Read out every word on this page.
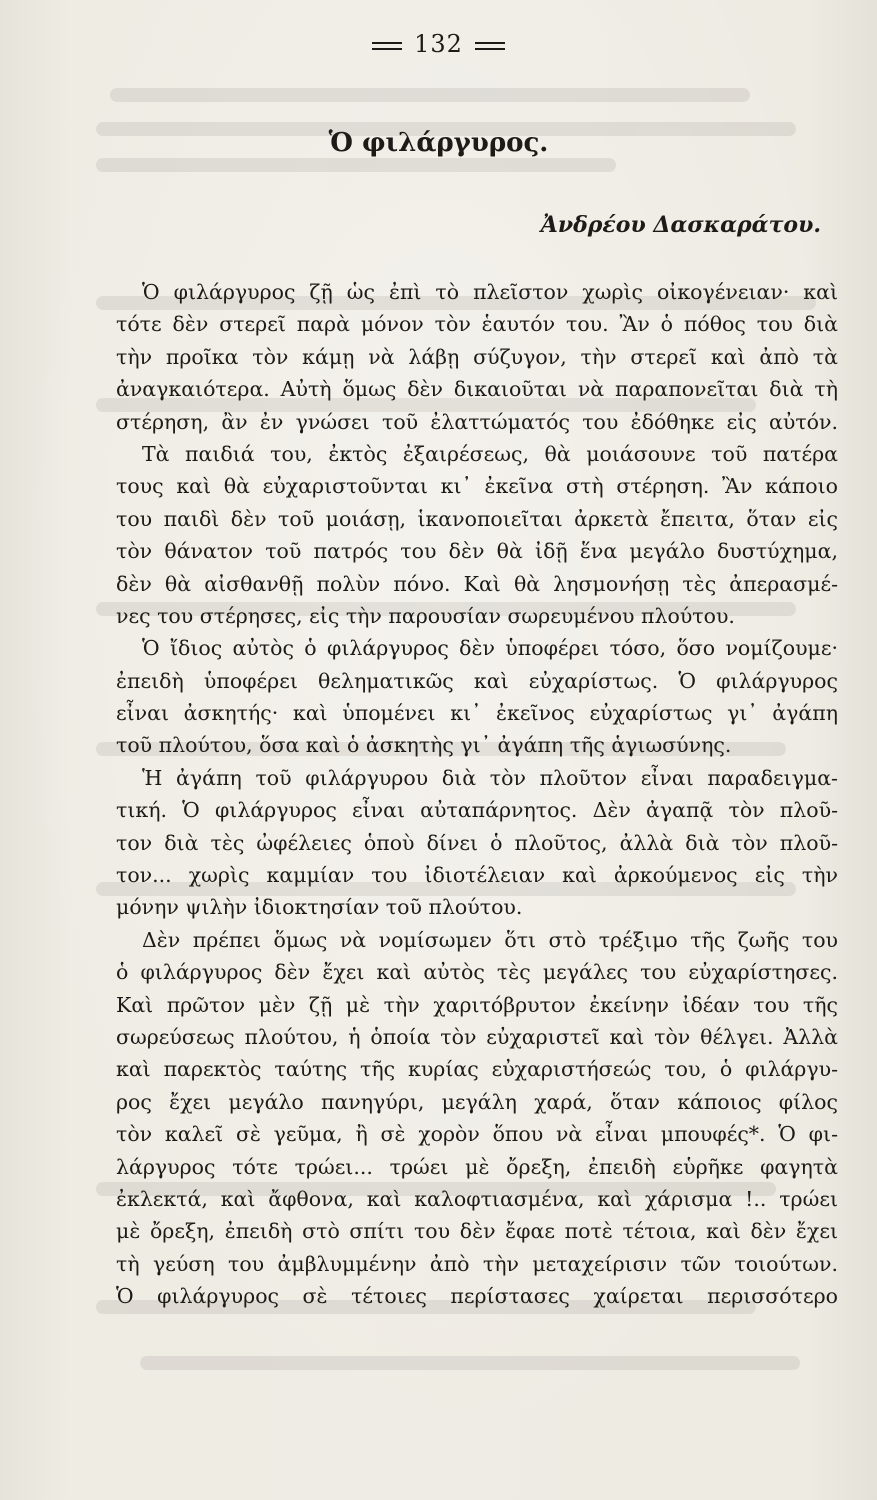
132
Ὁ φιλάργυρος.
Ἀνδρέου Δασκαράτου.
Ὁ φιλάργυρος ζῇ ὡς ἐπὶ τὸ πλεῖστον χωρὶς οἰκογένειαν· καὶ
τότε δὲν στερεῖ παρὰ μόνον τὸν ἑαυτόν του. Ἂν ὁ πόθος του διὰ
τὴν προῖκα τὸν κάμῃ νὰ λάβῃ σύζυγον, τὴν στερεῖ καὶ ἀπὸ τὰ
ἀναγκαιότερα. Αὐτὴ ὅμως δὲν δικαιοῦται νὰ παραπονεῖται διὰ τὴ
στέρηση, ἂν ἐν γνώσει τοῦ ἐλαττώματός του ἐδόθηκε εἰς αὐτόν.
Τὰ παιδιά του, ἐκτὸς ἐξαιρέσεως, θὰ μοιάσουνε τοῦ πατέρα
τους καὶ θὰ εὐχαριστοῦνται κι᾽ ἐκεῖνα στὴ στέρηση. Ἂν κάποιο
του παιδὶ δὲν τοῦ μοιάσῃ, ἱκανοποιεῖται ἀρκετὰ ἔπειτα, ὅταν εἰς
τὸν θάνατον τοῦ πατρός του δὲν θὰ ἰδῇ ἕνα μεγάλο δυστύχημα,
δὲν θὰ αἰσθανθῇ πολὺν πόνο. Καὶ θὰ λησμονήσῃ τὲς ἀπερασμέ-
νες του στέρησες, εἰς τὴν παρουσίαν σωρευμένου πλούτου.
Ὁ ἴδιος αὐτὸς ὁ φιλάργυρος δὲν ὑποφέρει τόσο, ὅσο νομίζουμε·
ἐπειδὴ ὑποφέρει θεληματικῶς καὶ εὐχαρίστως. Ὁ φιλάργυρος
εἶναι ἀσκητής· καὶ ὑπομένει κι᾽ ἐκεῖνος εὐχαρίστως γι᾽ ἀγάπη
τοῦ πλούτου, ὅσα καὶ ὁ ἀσκητὴς γι᾽ ἀγάπη τῆς ἁγιωσύνης.
Ἡ ἀγάπη τοῦ φιλάργυρου διὰ τὸν πλοῦτον εἶναι παραδειγμα-
τική. Ὁ φιλάργυρος εἶναι αὐταπάρνητος. Δὲν ἀγαπᾷ τὸν πλοῦ-
τον διὰ τὲς ὠφέλειες ὁποὺ δίνει ὁ πλοῦτος, ἀλλὰ διὰ τὸν πλοῦ-
τον... χωρὶς καμμίαν του ἰδιοτέλειαν καὶ ἀρκούμενος εἰς τὴν
μόνην ψιλὴν ἰδιοκτησίαν τοῦ πλούτου.
Δὲν πρέπει ὅμως νὰ νομίσωμεν ὅτι στὸ τρέξιμο τῆς ζωῆς του
ὁ φιλάργυρος δὲν ἔχει καὶ αὐτὸς τὲς μεγάλες του εὐχαρίστησες.
Καὶ πρῶτον μὲν ζῇ μὲ τὴν χαριτόβρυτον ἐκείνην ἰδέαν του τῆς
σωρεύσεως πλούτου, ἡ ὁποία τὸν εὐχαριστεῖ καὶ τὸν θέλγει. Ἀλλὰ
καὶ παρεκτὸς ταύτης τῆς κυρίας εὐχαριστήσεώς του, ὁ φιλάργυ-
ρος ἔχει μεγάλο πανηγύρι, μεγάλη χαρά, ὅταν κάποιος φίλος
τὸν καλεῖ σὲ γεῦμα, ἢ σὲ χορὸν ὅπου νὰ εἶναι μπουφές*. Ὁ φι-
λάργυρος τότε τρώει... τρώει μὲ ὄρεξη, ἐπειδὴ εὑρῆκε φαγητὰ
ἐκλεκτά, καὶ ἄφθονα, καὶ καλοφτιασμένα, καὶ χάρισμα !.. τρώει
μὲ ὄρεξη, ἐπειδὴ στὸ σπίτι του δὲν ἔφαε ποτὲ τέτοια, καὶ δὲν ἔχει
τὴ γεύση του ἀμβλυμμένην ἀπὸ τὴν μεταχείρισιν τῶν τοιούτων.
Ὁ φιλάργυρος σὲ τέτοιες περίστασες χαίρεται περισσότερο
